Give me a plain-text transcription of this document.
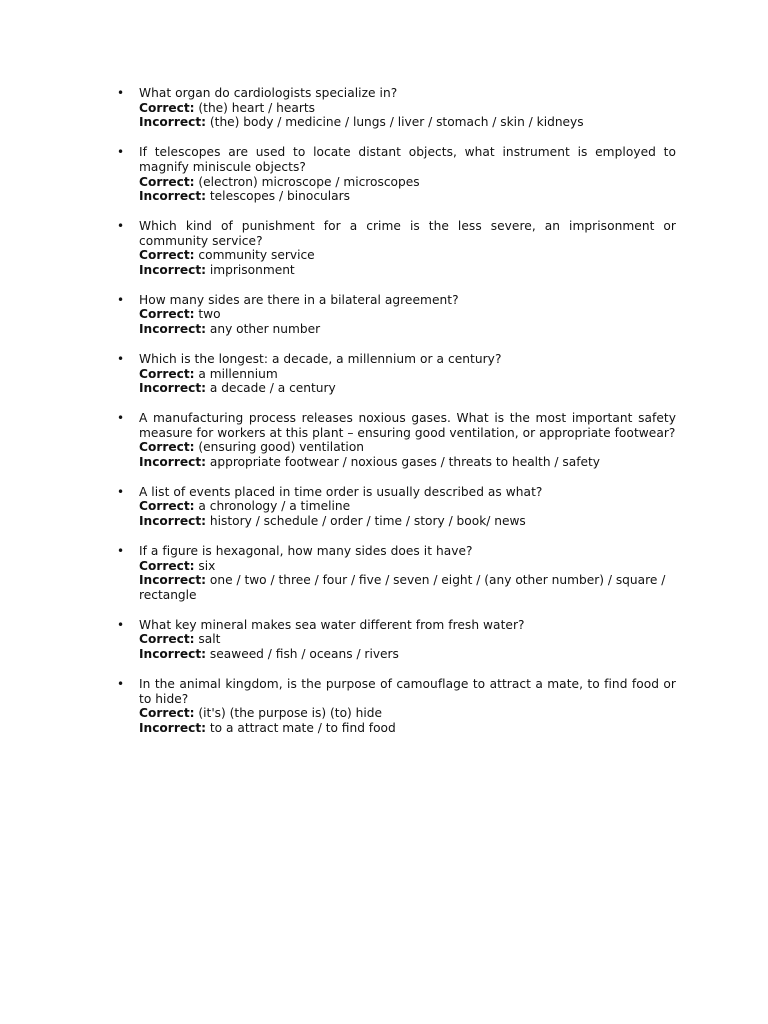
• What organ do cardiologists specialize in?
Correct: (the) heart / hearts
Incorrect: (the) body / medicine / lungs / liver / stomach / skin / kidneys
• If telescopes are used to locate distant objects, what instrument is employed to magnify miniscule objects?
Correct: (electron) microscope / microscopes
Incorrect: telescopes / binoculars
• Which kind of punishment for a crime is the less severe, an imprisonment or community service?
Correct: community service
Incorrect: imprisonment
• How many sides are there in a bilateral agreement?
Correct: two
Incorrect: any other number
• Which is the longest: a decade, a millennium or a century?
Correct: a millennium
Incorrect: a decade / a century
• A manufacturing process releases noxious gases. What is the most important safety measure for workers at this plant – ensuring good ventilation, or appropriate footwear?
Correct: (ensuring good) ventilation
Incorrect: appropriate footwear / noxious gases / threats to health / safety
• A list of events placed in time order is usually described as what?
Correct: a chronology / a timeline
Incorrect: history / schedule / order / time / story / book/ news
• If a figure is hexagonal, how many sides does it have?
Correct: six
Incorrect: one / two / three / four / five / seven / eight / (any other number) / square / rectangle
• What key mineral makes sea water different from fresh water?
Correct: salt
Incorrect: seaweed / fish / oceans / rivers
• In the animal kingdom, is the purpose of camouflage to attract a mate, to find food or to hide?
Correct: (it's) (the purpose is) (to) hide
Incorrect: to a attract mate / to find food
